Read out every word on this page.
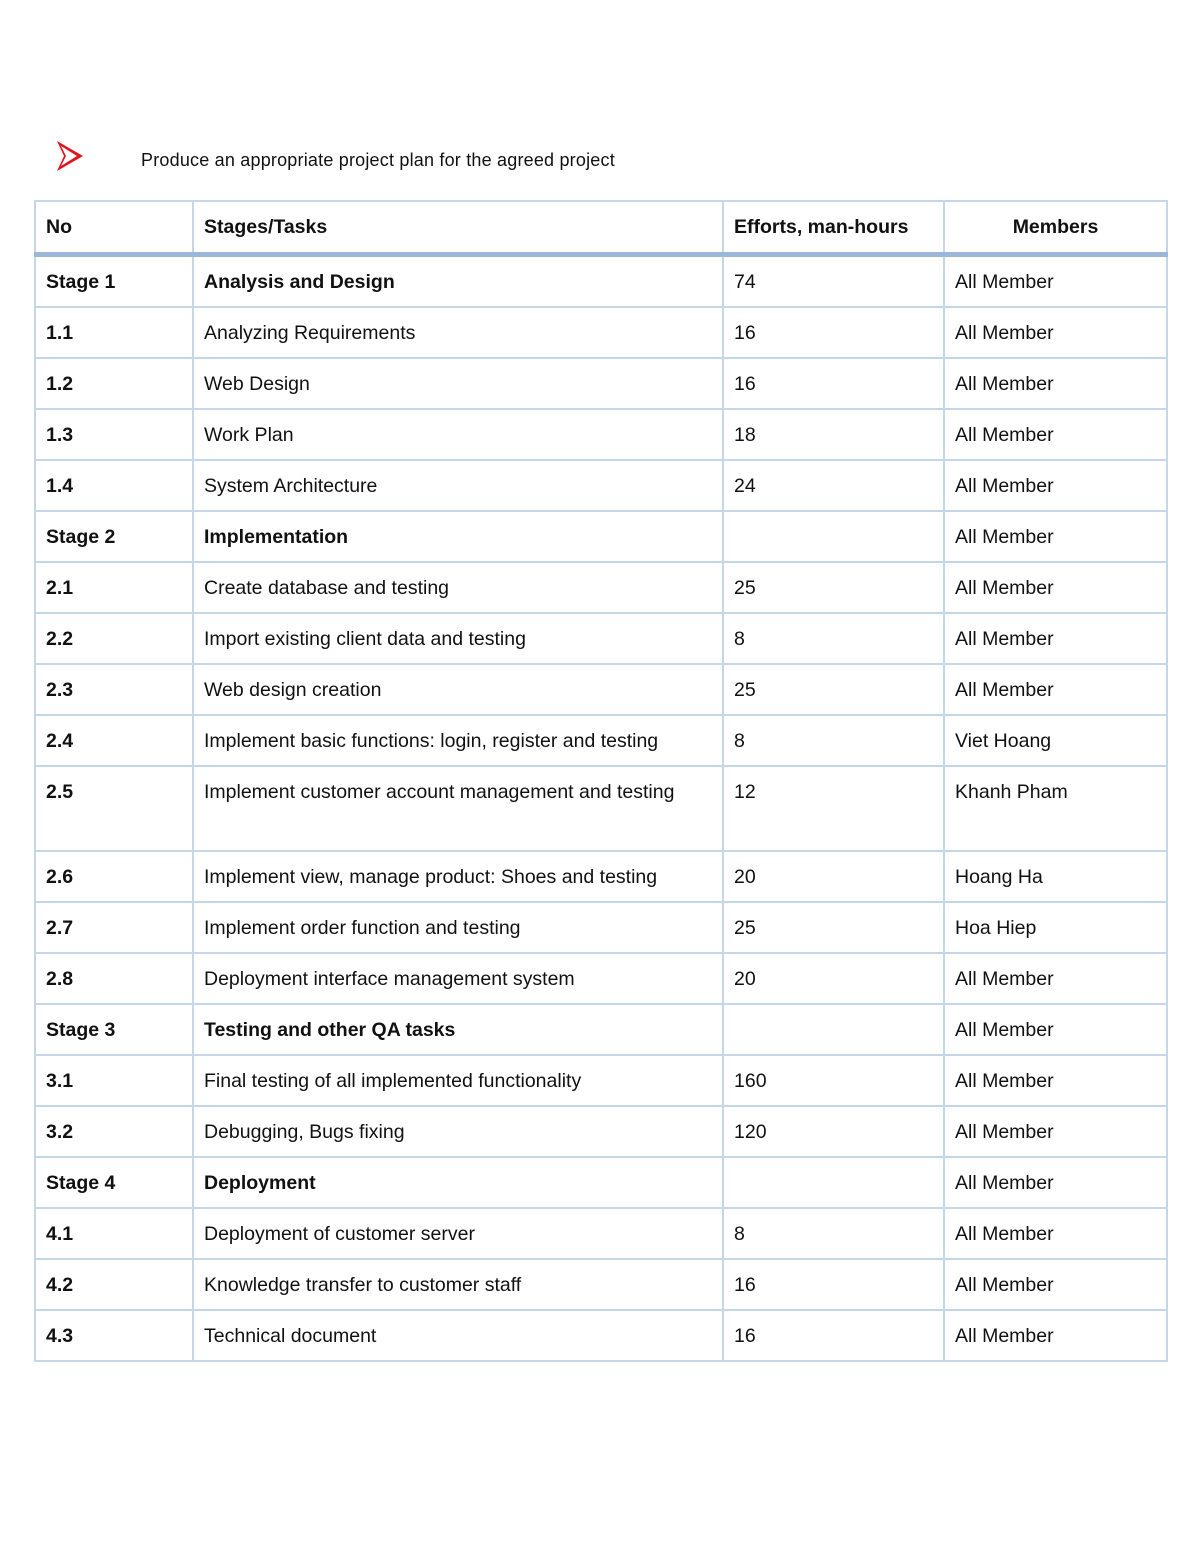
Produce an appropriate project plan for the agreed project
No	Stages/Tasks	Efforts, man-hours	Members
Stage 1	Analysis and Design	74	All Member
1.1	Analyzing Requirements	16	All Member
1.2	Web Design	16	All Member
1.3	Work Plan	18	All Member
1.4	System Architecture	24	All Member
Stage 2	Implementation		All Member
2.1	Create database and testing	25	All Member
2.2	Import existing client data and testing	8	All Member
2.3	Web design creation	25	All Member
2.4	Implement basic functions: login, register and testing	8	Viet Hoang
2.5	Implement customer account management and testing	12	Khanh Pham
2.6	Implement view, manage product: Shoes and testing	20	Hoang Ha
2.7	Implement order function and testing	25	Hoa Hiep
2.8	Deployment interface management system	20	All Member
Stage 3	Testing and other QA tasks		All Member
3.1	Final testing of all implemented functionality	160	All Member
3.2	Debugging, Bugs fixing	120	All Member
Stage 4	Deployment		All Member
4.1	Deployment of customer server	8	All Member
4.2	Knowledge transfer to customer staff	16	All Member
4.3	Technical document	16	All Member
